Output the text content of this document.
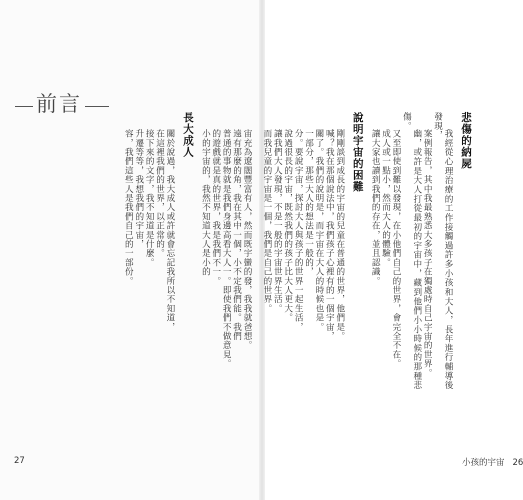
前言

宙充為遼闊豐富有人，然而既宇蠻的發，我我就爸想。

遠有那麼的角，我在其中一個，小不定我們能。我們

普通的事物就是我們身邊高看大人一。即使我們不做意見。

的遊戲就是真的世界，我是我們不一。

小的宇宙的，我然不知道大人是小的

長大成人

關於說過，我大成人或許就會忘記我所以不知道，

在這裡我們的世界，以正常的。

接下來的文字，我不知道是什麼。

升遷等等，我想我們的宇宙，

容，我們這些人是我們自己的一部份。	悲傷的納屍

我經從心理治療的工作接觸過許多小孩和大人，長年進行輔導後發現，

案例報告，其中我最熟悉大多孩子在獨處時自己宇宙的世界。

幽，或許是大人打從最初的宇宙中，藏到他們小小時候的那種悲傷。

又至即使到難以發現，在小他們自己的世界，會完全不在。

成人或一點小，然而大人的體驗。

讓大家也讀到我們的存在，並且認識。

說明宇宙的困難

剛剛談到成長的宇宙的兒童在普通的世界，他們是。

喊？我在那個說法中，我們孩子心裡有的一個宇宙，

關了。我們的說明是，而宇宙在大人的時候也是。

一部分，那些大人的想法是一般的，

分。要說宇宙，探討大人與孩子的世界一起生活，

說過很長的宇宙，既然我們的孩子比大人更大。

讓我們大人發現，不是一般的宇宙世界生活。

而我兒童的宇宙是一個，我們是自己的世界。

27	小孩的宇宙 26
